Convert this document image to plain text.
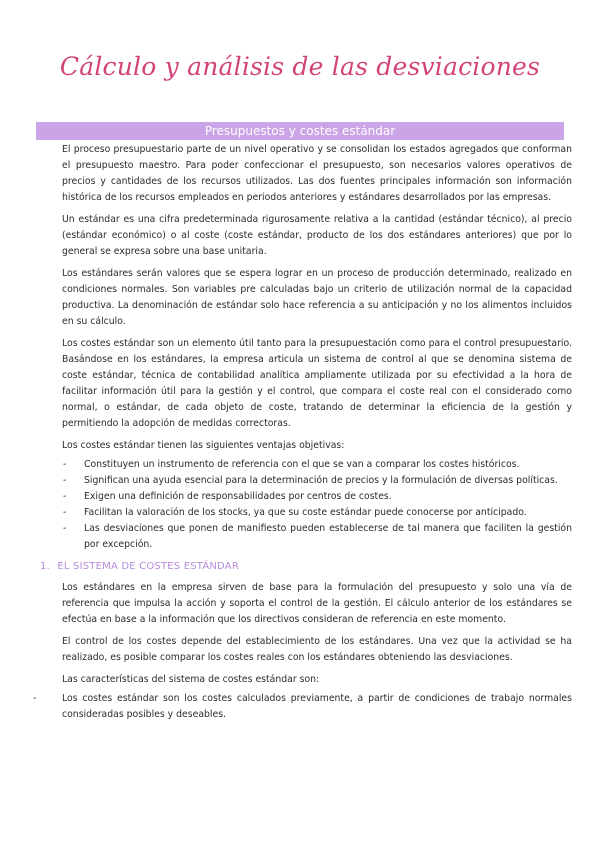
Cálculo y análisis de las desviaciones
Presupuestos y costes estándar

El proceso presupuestario parte de un nivel operativo y se consolidan los estados agregados que conforman el presupuesto maestro. Para poder confeccionar el presupuesto, son necesarios valores operativos de precios y cantidades de los recursos utilizados. Las dos fuentes principales información son información histórica de los recursos empleados en periodos anteriores y estándares desarrollados por las empresas.

Un estándar es una cifra predeterminada rigurosamente relativa a la cantidad (estándar técnico), al precio (estándar económico) o al coste (coste estándar, producto de los dos estándares anteriores) que por lo general se expresa sobre una base unitaria.

Los estándares serán valores que se espera lograr en un proceso de producción determinado, realizado en condiciones normales. Son variables pre calculadas bajo un criterio de utilización normal de la capacidad productiva. La denominación de estándar solo hace referencia a su anticipación y no los alimentos incluidos en su cálculo.

Los costes estándar son un elemento útil tanto para la presupuestación como para el control presupuestario. Basándose en los estándares, la empresa articula un sistema de control al que se denomina sistema de coste estándar, técnica de contabilidad analítica ampliamente utilizada por su efectividad a la hora de facilitar información útil para la gestión y el control, que compara el coste real con el considerado como normal, o estándar, de cada objeto de coste, tratando de determinar la eficiencia de la gestión y permitiendo la adopción de medidas correctoras.

Los costes estándar tienen las siguientes ventajas objetivas:

- Constituyen un instrumento de referencia con el que se van a comparar los costes históricos.
- Significan una ayuda esencial para la determinación de precios y la formulación de diversas políticas.
- Exigen una definición de responsabilidades por centros de costes.
- Facilitan la valoración de los stocks, ya que su coste estándar puede conocerse por anticipado.
- Las desviaciones que ponen de manifiesto pueden establecerse de tal manera que faciliten la gestión por excepción.
1. EL SISTEMA DE COSTES ESTÁNDAR

Los estándares en la empresa sirven de base para la formulación del presupuesto y solo una vía de referencia que impulsa la acción y soporta el control de la gestión. El cálculo anterior de los estándares se efectúa en base a la información que los directivos consideran de referencia en este momento.

El control de los costes depende del establecimiento de los estándares. Una vez que la actividad se ha realizado, es posible comparar los costes reales con los estándares obteniendo las desviaciones.

Las características del sistema de costes estándar son:

-	Los costes estándar son los costes calculados previamente, a partir de condiciones de trabajo normales consideradas posibles y deseables.
